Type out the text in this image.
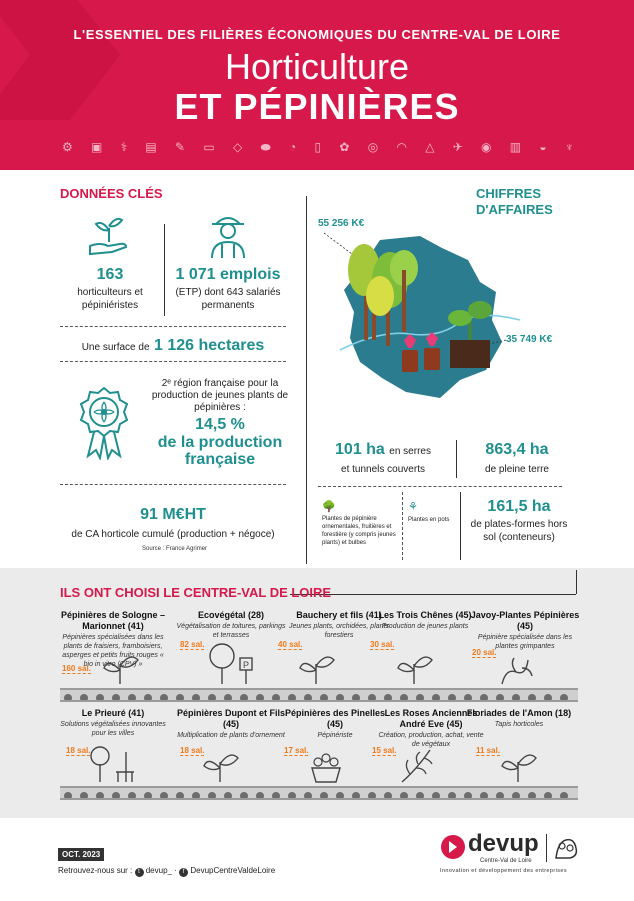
L'ESSENTIEL DES FILIÈRES ÉCONOMIQUES DU CENTRE-VAL DE LOIRE
Horticulture
ET PÉPINIÈRES
⚙ ▣ ⚕ ▤ ✎ ▭ ◇ ⬬ ◔ ▯ ✿ ◎ ◠ △ ✈ ◉ ▥ ◒ ♆
DONNÉES CLÉS
163
horticulteurs et pépiniéristes
1 071 emplois
(ETP) dont 643 salariés permanents
Une surface de 1 126 hectares
2ᵉ région française pour la production de jeunes plants de pépinières :
14,5 %
de la production française
91 M€HT
de CA horticole cumulé (production + négoce)
Source : France Agrimer
CHIFFRES
D'AFFAIRES
55 256 K€
35 749 K€
101 ha en serres
et tunnels couverts
863,4 ha
de pleine terre
🌳
Plantes de pépinière ornementales, fruitières et forestière (y compris jeunes plants) et bulbes
⚘
Plantes en pots
161,5 ha
de plates-formes hors sol (conteneurs)
ILS ONT CHOISI LE CENTRE-VAL DE LOIRE
Pépinières de Sologne – Marionnet (41)
Pépinières spécialisées dans les plants de fraisiers, framboisiers, asperges et petits fruits rouges « bio in vitro (CPV) »
160 sal.
Ecovégétal (28)
Végétalisation de toitures, parkings et terrasses
82 sal.
P
Bauchery et fils (41)
Jeunes plants, orchidées, plants forestiers
40 sal.
Les Trois Chênes (45)
Production de jeunes plants
30 sal.
Javoy-Plantes Pépinières (45)
Pépinière spécialisée dans les plantes grimpantes
20 sal.
Le Prieuré (41)
Solutions végétalisées innovantes pour les villes
18 sal.
Pépinières Dupont et Fils (45)
Multiplication de plants d'ornement
18 sal.
Pépinières des Pinelles (45)
Pépinériste
17 sal.
Les Roses Anciennes André Eve (45)
Création, production, achat, vente de végétaux
15 sal.
Floriades de l'Amon (18)
Tapis horticoles
11 sal.
OCT. 2023
Retrouvez-nous sur : t devup_ · f DevupCentreValdeLoire
devup
Centre-Val de Loire
Innovation et développement des entreprises
